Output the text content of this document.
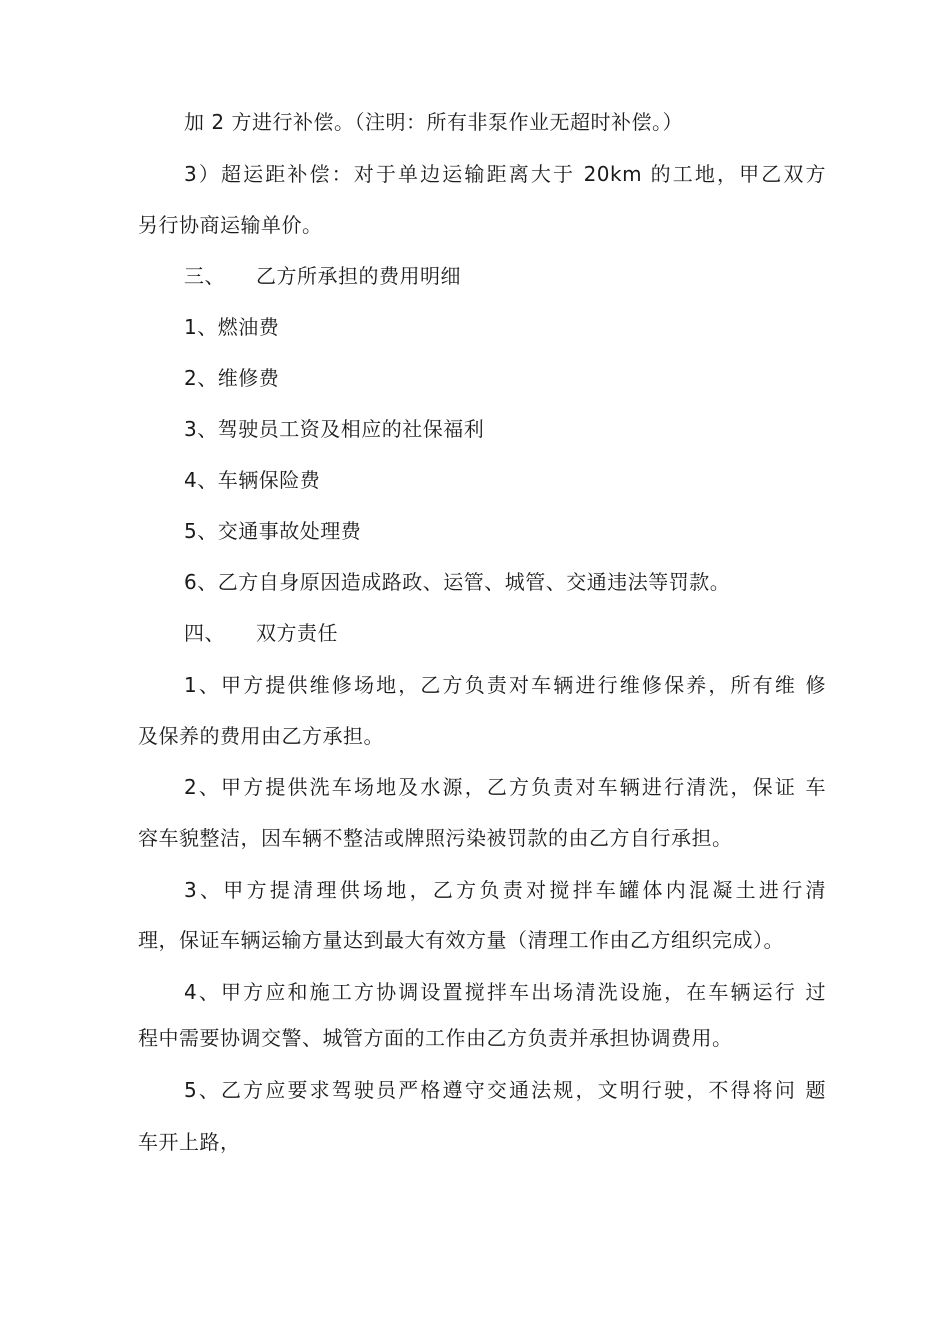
加 2 方进行补偿。（注明：所有非泵作业无超时补偿。）
3）超运距补偿：对于单边运输距离大于 20km 的工地，甲乙双方
另行协商运输单价。
三、　　乙方所承担的费用明细
1、燃油费
2、维修费
3、驾驶员工资及相应的社保福利
4、车辆保险费
5、交通事故处理费
6、乙方自身原因造成路政、运管、城管、交通违法等罚款。
四、　　双方责任
1、甲方提供维修场地，乙方负责对车辆进行维修保养，所有维 修
及保养的费用由乙方承担。
2、甲方提供洗车场地及水源，乙方负责对车辆进行清洗，保证 车
容车貌整洁，因车辆不整洁或牌照污染被罚款的由乙方自行承担。
3、甲方提清理供场地，乙方负责对搅拌车罐体内混凝土进行清
理，保证车辆运输方量达到最大有效方量（清理工作由乙方组织完成）。
4、甲方应和施工方协调设置搅拌车出场清洗设施，在车辆运行 过
程中需要协调交警、城管方面的工作由乙方负责并承担协调费用。
5、乙方应要求驾驶员严格遵守交通法规，文明行驶，不得将问 题
车开上路，
